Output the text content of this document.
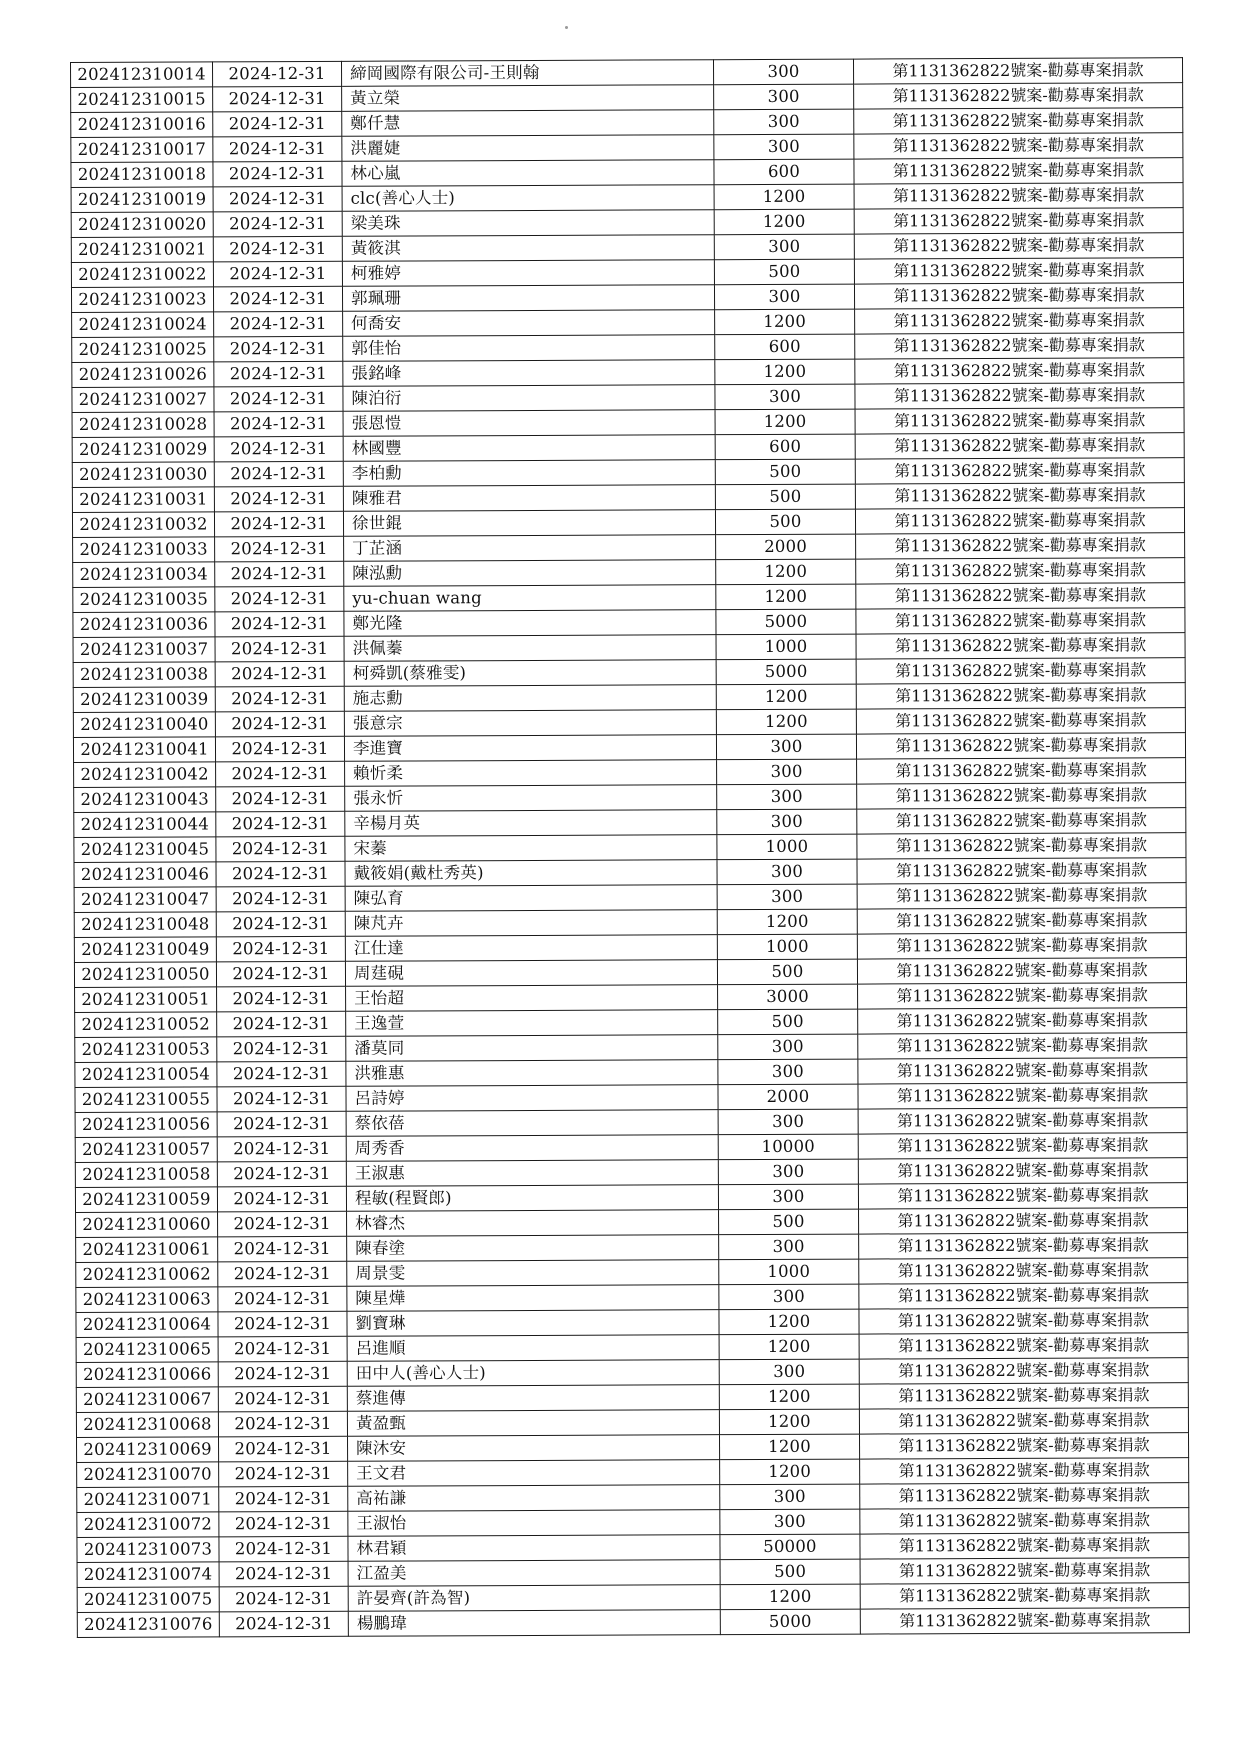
202412310014	2024-12-31	締岡國際有限公司-王則翰	300	第1131362822號案-勸募專案捐款
202412310015	2024-12-31	黃立榮	300	第1131362822號案-勸募專案捐款
202412310016	2024-12-31	鄭仟慧	300	第1131362822號案-勸募專案捐款
202412310017	2024-12-31	洪麗婕	300	第1131362822號案-勸募專案捐款
202412310018	2024-12-31	林心嵐	600	第1131362822號案-勸募專案捐款
202412310019	2024-12-31	clc(善心人士)	1200	第1131362822號案-勸募專案捐款
202412310020	2024-12-31	梁美珠	1200	第1131362822號案-勸募專案捐款
202412310021	2024-12-31	黃筱淇	300	第1131362822號案-勸募專案捐款
202412310022	2024-12-31	柯雅婷	500	第1131362822號案-勸募專案捐款
202412310023	2024-12-31	郭珮珊	300	第1131362822號案-勸募專案捐款
202412310024	2024-12-31	何喬安	1200	第1131362822號案-勸募專案捐款
202412310025	2024-12-31	郭佳怡	600	第1131362822號案-勸募專案捐款
202412310026	2024-12-31	張銘峰	1200	第1131362822號案-勸募專案捐款
202412310027	2024-12-31	陳泊衍	300	第1131362822號案-勸募專案捐款
202412310028	2024-12-31	張恩愷	1200	第1131362822號案-勸募專案捐款
202412310029	2024-12-31	林國豐	600	第1131362822號案-勸募專案捐款
202412310030	2024-12-31	李柏勳	500	第1131362822號案-勸募專案捐款
202412310031	2024-12-31	陳雅君	500	第1131362822號案-勸募專案捐款
202412310032	2024-12-31	徐世錕	500	第1131362822號案-勸募專案捐款
202412310033	2024-12-31	丁芷涵	2000	第1131362822號案-勸募專案捐款
202412310034	2024-12-31	陳泓勳	1200	第1131362822號案-勸募專案捐款
202412310035	2024-12-31	yu-chuan wang	1200	第1131362822號案-勸募專案捐款
202412310036	2024-12-31	鄭光隆	5000	第1131362822號案-勸募專案捐款
202412310037	2024-12-31	洪佩蓁	1000	第1131362822號案-勸募專案捐款
202412310038	2024-12-31	柯舜凱(蔡雅雯)	5000	第1131362822號案-勸募專案捐款
202412310039	2024-12-31	施志勳	1200	第1131362822號案-勸募專案捐款
202412310040	2024-12-31	張意宗	1200	第1131362822號案-勸募專案捐款
202412310041	2024-12-31	李進寶	300	第1131362822號案-勸募專案捐款
202412310042	2024-12-31	賴忻柔	300	第1131362822號案-勸募專案捐款
202412310043	2024-12-31	張永忻	300	第1131362822號案-勸募專案捐款
202412310044	2024-12-31	辛楊月英	300	第1131362822號案-勸募專案捐款
202412310045	2024-12-31	宋蓁	1000	第1131362822號案-勸募專案捐款
202412310046	2024-12-31	戴筱娟(戴杜秀英)	300	第1131362822號案-勸募專案捐款
202412310047	2024-12-31	陳弘育	300	第1131362822號案-勸募專案捐款
202412310048	2024-12-31	陳芃卉	1200	第1131362822號案-勸募專案捐款
202412310049	2024-12-31	江仕達	1000	第1131362822號案-勸募專案捐款
202412310050	2024-12-31	周莛硯	500	第1131362822號案-勸募專案捐款
202412310051	2024-12-31	王怡超	3000	第1131362822號案-勸募專案捐款
202412310052	2024-12-31	王逸萱	500	第1131362822號案-勸募專案捐款
202412310053	2024-12-31	潘莫同	300	第1131362822號案-勸募專案捐款
202412310054	2024-12-31	洪雅惠	300	第1131362822號案-勸募專案捐款
202412310055	2024-12-31	呂詩婷	2000	第1131362822號案-勸募專案捐款
202412310056	2024-12-31	蔡依蓓	300	第1131362822號案-勸募專案捐款
202412310057	2024-12-31	周秀香	10000	第1131362822號案-勸募專案捐款
202412310058	2024-12-31	王淑惠	300	第1131362822號案-勸募專案捐款
202412310059	2024-12-31	程敏(程賢郎)	300	第1131362822號案-勸募專案捐款
202412310060	2024-12-31	林睿杰	500	第1131362822號案-勸募專案捐款
202412310061	2024-12-31	陳春塗	300	第1131362822號案-勸募專案捐款
202412310062	2024-12-31	周景雯	1000	第1131362822號案-勸募專案捐款
202412310063	2024-12-31	陳星燁	300	第1131362822號案-勸募專案捐款
202412310064	2024-12-31	劉寶琳	1200	第1131362822號案-勸募專案捐款
202412310065	2024-12-31	呂進順	1200	第1131362822號案-勸募專案捐款
202412310066	2024-12-31	田中人(善心人士)	300	第1131362822號案-勸募專案捐款
202412310067	2024-12-31	蔡進傳	1200	第1131362822號案-勸募專案捐款
202412310068	2024-12-31	黃盈甄	1200	第1131362822號案-勸募專案捐款
202412310069	2024-12-31	陳沐安	1200	第1131362822號案-勸募專案捐款
202412310070	2024-12-31	王文君	1200	第1131362822號案-勸募專案捐款
202412310071	2024-12-31	高祐謙	300	第1131362822號案-勸募專案捐款
202412310072	2024-12-31	王淑怡	300	第1131362822號案-勸募專案捐款
202412310073	2024-12-31	林君穎	50000	第1131362822號案-勸募專案捐款
202412310074	2024-12-31	江盈美	500	第1131362822號案-勸募專案捐款
202412310075	2024-12-31	許晏齊(許為智)	1200	第1131362822號案-勸募專案捐款
202412310076	2024-12-31	楊鵬瑋	5000	第1131362822號案-勸募專案捐款
